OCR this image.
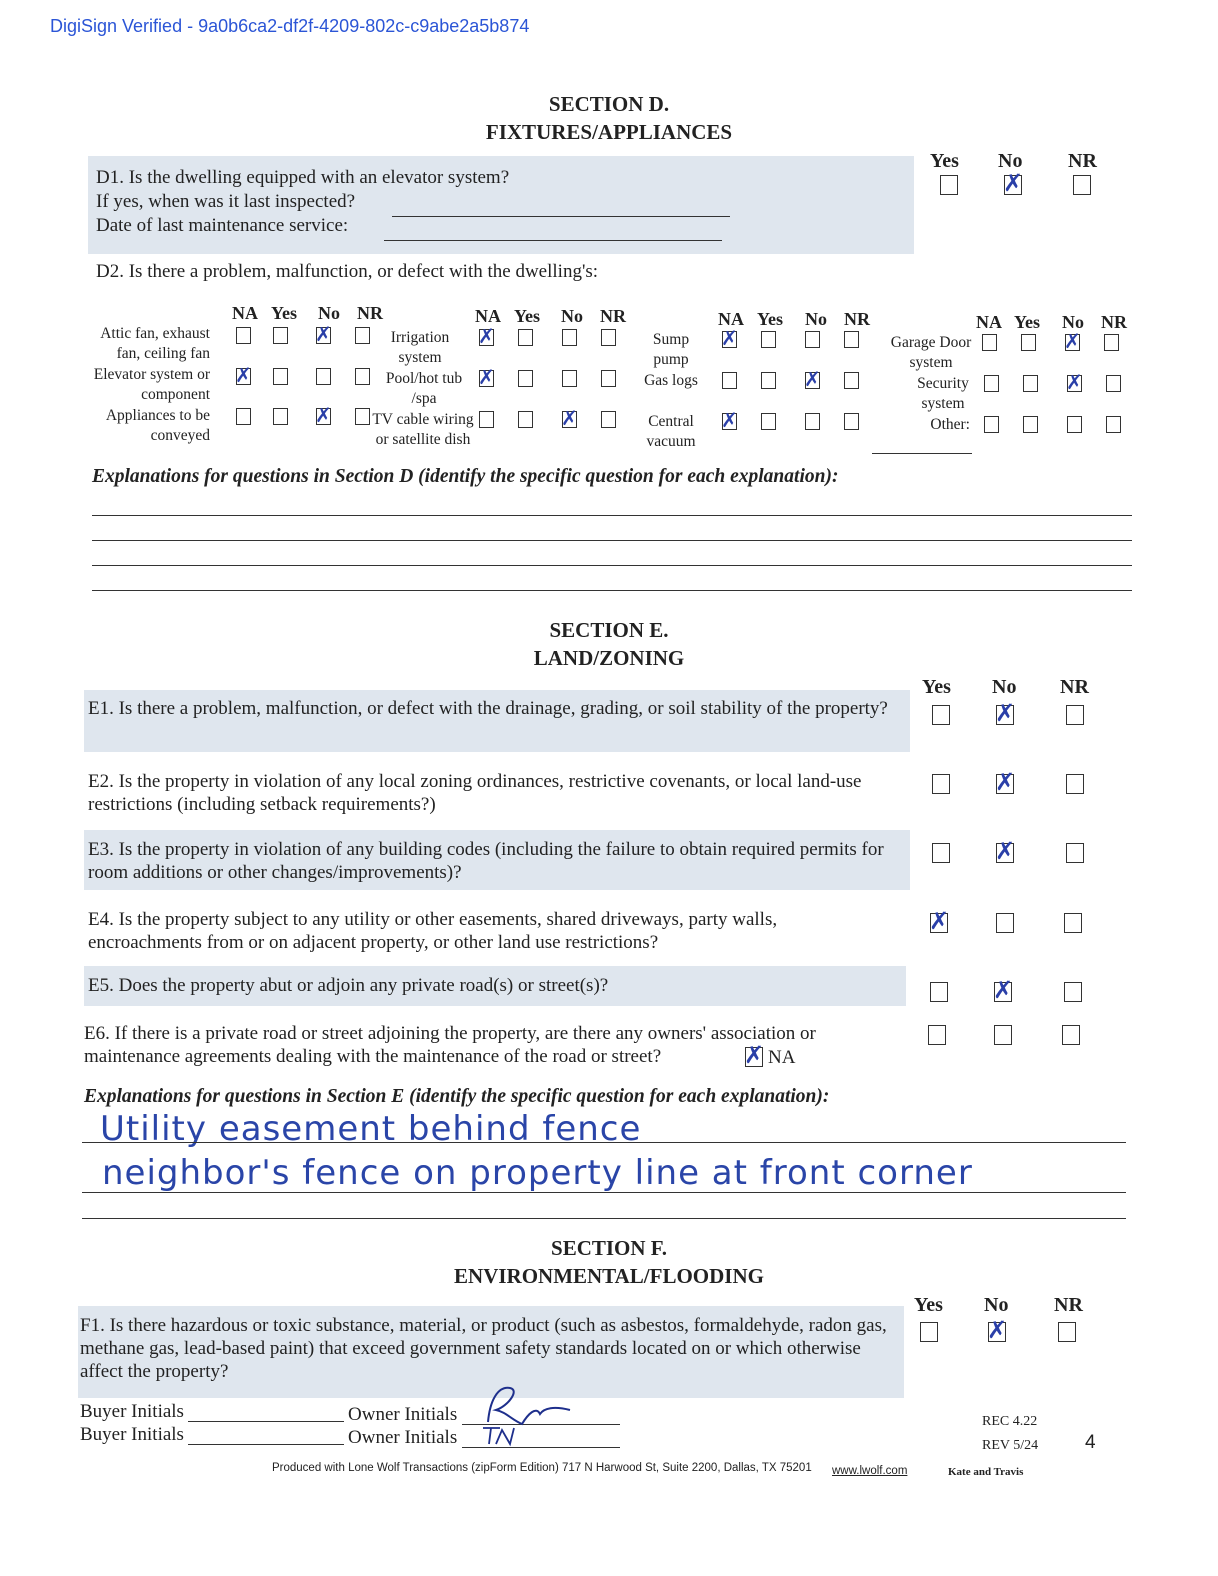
DigiSign Verified - 9a0b6ca2-df2f-4209-802c-c9abe2a5b874
SECTION D.
FIXTURES/APPLIANCES
D1. Is the dwelling equipped with an elevator system?
If yes, when was it last inspected?
Date of last maintenance service:
Yes No NR
✗
D2. Is there a problem, malfunction, or defect with the dwelling's:
NA Yes No NR	NA Yes No NR	NA Yes No NR	NA Yes No NR
Attic fan, exhaust fan, ceiling fan
Elevator system or component
Appliances to be conveyed
✗
✗
✗
Irrigation system
Pool/hot tub /spa
TV cable wiring or satellite dish
✗
✗
✗
Sump pump
Gas logs
Central vacuum
✗
✗
✗
Garage Door system
Security system
Other:
✗
✗
Explanations for questions in Section D (identify the specific question for each explanation):
SECTION E.
LAND/ZONING
Yes No NR
E1. Is there a problem, malfunction, or defect with the drainage, grading, or soil stability of the property?
✗
E2. Is the property in violation of any local zoning ordinances, restrictive covenants, or local land-use restrictions (including setback requirements?)
✗
E3. Is the property in violation of any building codes (including the failure to obtain required permits for room additions or other changes/improvements)?
✗
E4. Is the property subject to any utility or other easements, shared driveways, party walls, encroachments from or on adjacent property, or other land use restrictions?
✗
E5. Does the property abut or adjoin any private road(s) or street(s)?
✗
E6. If there is a private road or street adjoining the property, are there any owners' association or maintenance agreements dealing with the maintenance of the road or street?
✗	NA
Explanations for questions in Section E (identify the specific question for each explanation):
Utility easement behind fence
neighbor's fence on property line at front corner
SECTION F.
ENVIRONMENTAL/FLOODING
Yes No NR
F1. Is there hazardous or toxic substance, material, or product (such as asbestos, formaldehyde, radon gas, methane gas, lead-based paint) that exceed government safety standards located on or which otherwise affect the property?
✗
Buyer Initials
Buyer Initials
Owner Initials
Owner Initials
REC 4.22
REV 5/24 4
Produced with Lone Wolf Transactions (zipForm Edition) 717 N Harwood St, Suite 2200, Dallas, TX 75201 www.lwolf.com	Kate and Travis
